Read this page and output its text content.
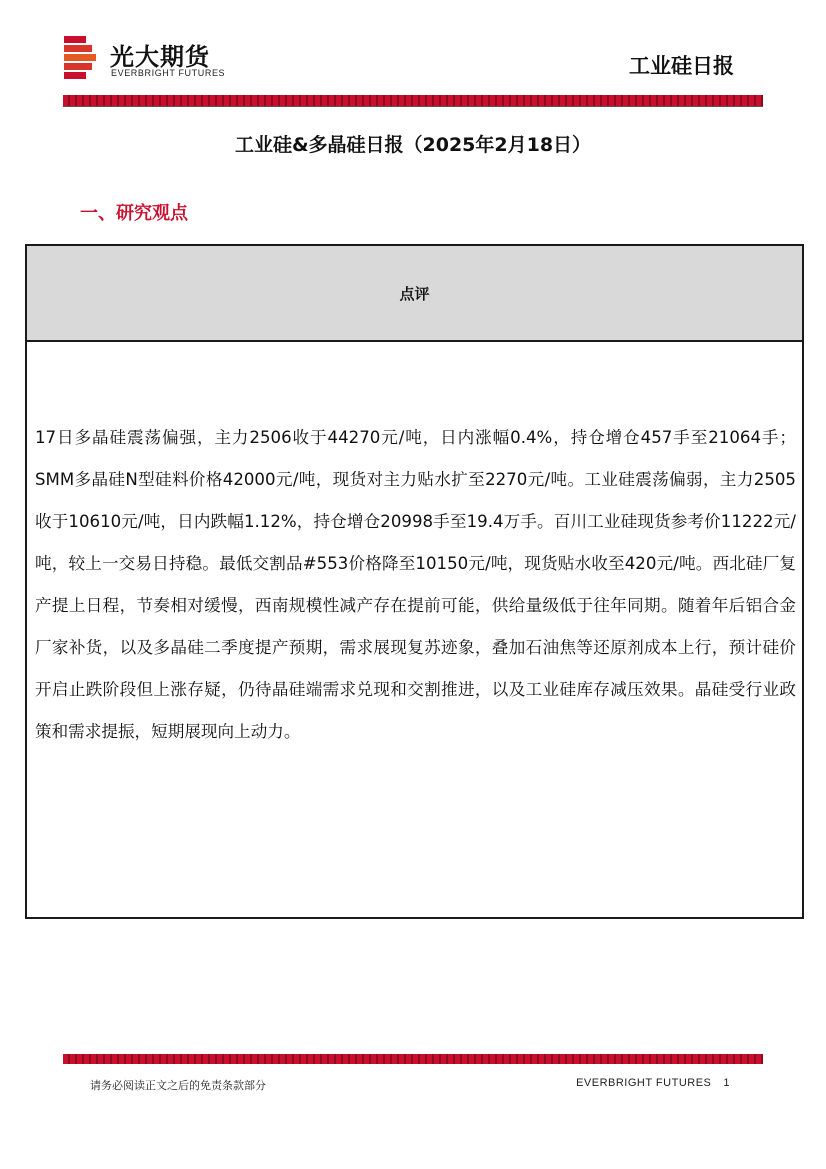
光大期货
EVERBRIGHT FUTURES	工业硅日报
工业硅&多晶硅日报（2025年2月18日）
一、研究观点
点评
17日多晶硅震荡偏强，主力2506收于44270元/吨，日内涨幅0.4%，持仓增仓457手至21064手；SMM多晶硅N型硅料价格42000元/吨，现货对主力贴水扩至2270元/吨。工业硅震荡偏弱，主力2505收于10610元/吨，日内跌幅1.12%，持仓增仓20998手至19.4万手。百川工业硅现货参考价11222元/吨，较上一交易日持稳。最低交割品#553价格降至10150元/吨，现货贴水收至420元/吨。西北硅厂复产提上日程，节奏相对缓慢，西南规模性减产存在提前可能，供给量级低于往年同期。随着年后铝合金厂家补货，以及多晶硅二季度提产预期，需求展现复苏迹象，叠加石油焦等还原剂成本上行，预计硅价开启止跌阶段但上涨存疑，仍待晶硅端需求兑现和交割推进，以及工业硅库存减压效果。晶硅受行业政策和需求提振，短期展现向上动力。
请务必阅读正文之后的免责条款部分	EVERBRIGHT FUTURES 1
